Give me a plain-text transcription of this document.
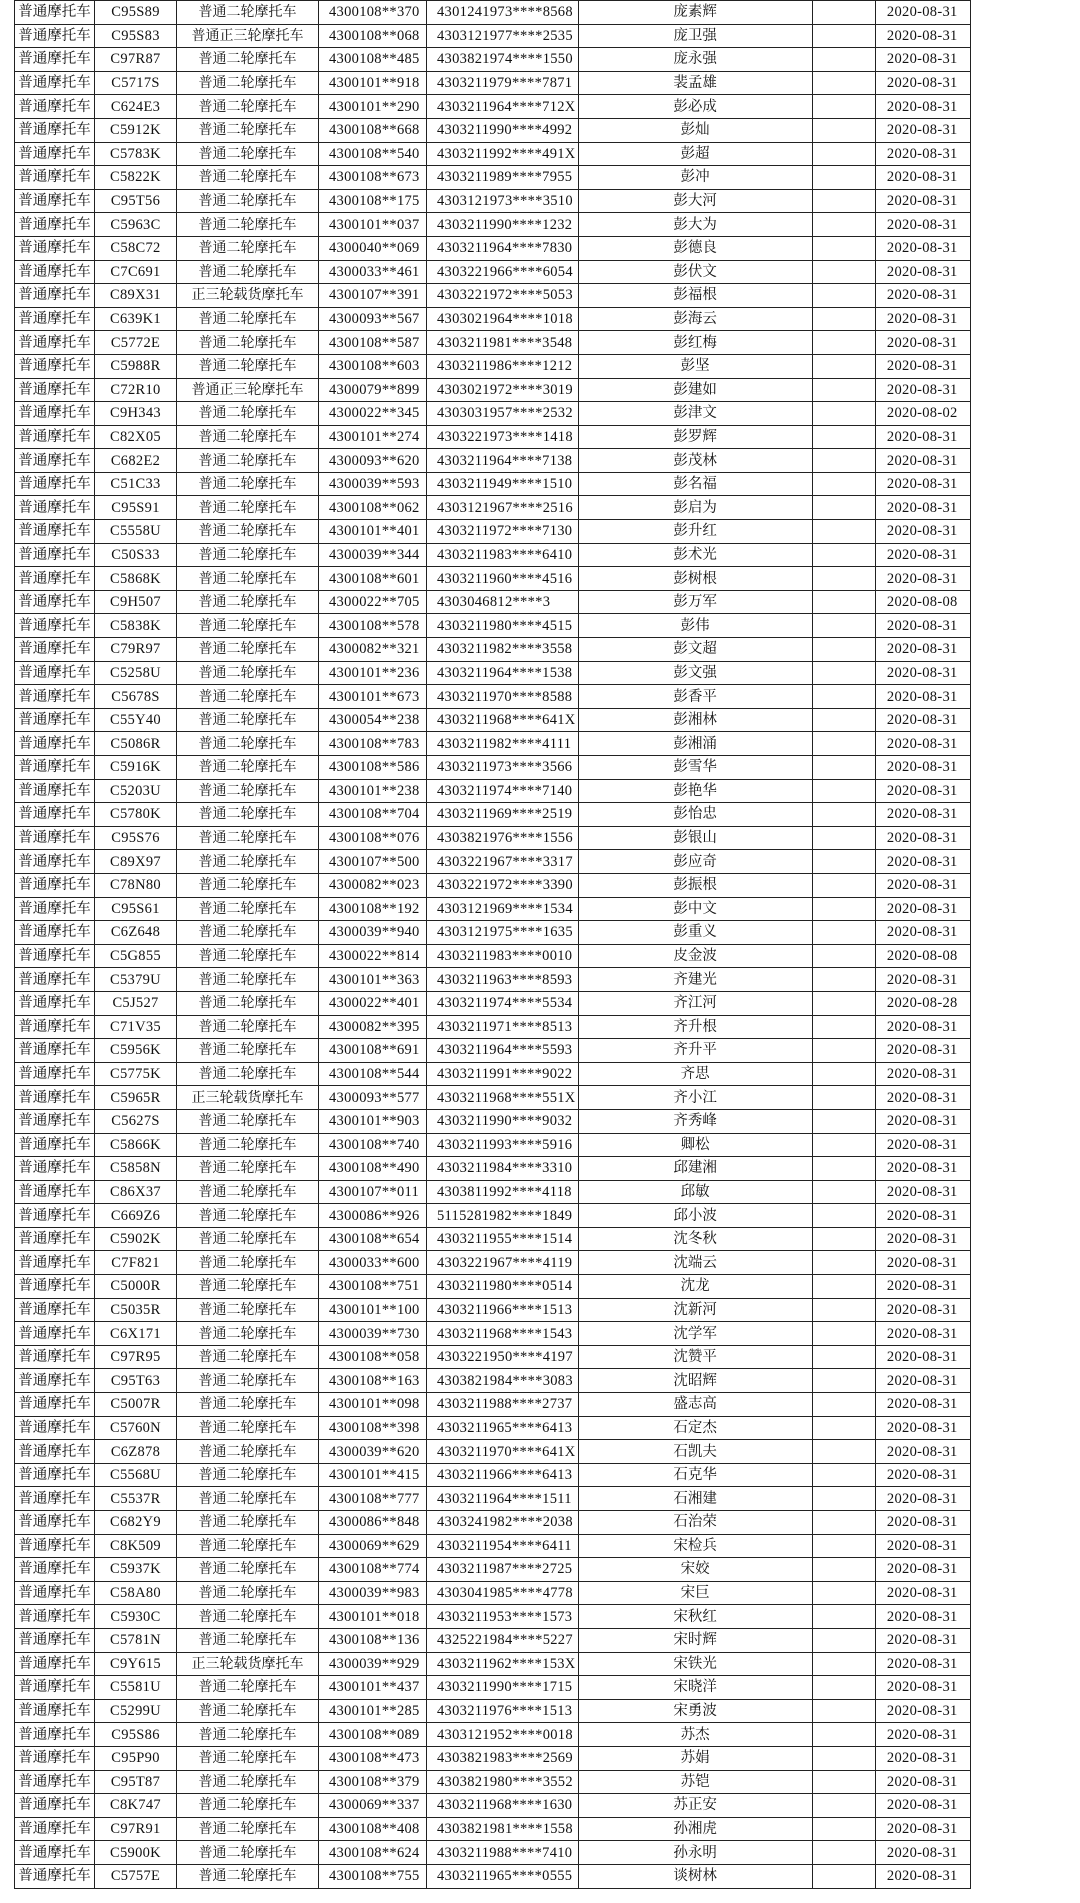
普通摩托车	C95S89	普通二轮摩托车	4300108**370	4301241973****8568	庞素辉		2020-08-31
普通摩托车	C95S83	普通正三轮摩托车	4300108**068	4303121977****2535	庞卫强		2020-08-31
普通摩托车	C97R87	普通二轮摩托车	4300108**485	4303821974****1550	庞永强		2020-08-31
普通摩托车	C5717S	普通二轮摩托车	4300101**918	4303211979****7871	裴孟雄		2020-08-31
普通摩托车	C624E3	普通二轮摩托车	4300101**290	4303211964****712X	彭必成		2020-08-31
普通摩托车	C5912K	普通二轮摩托车	4300108**668	4303211990****4992	彭灿		2020-08-31
普通摩托车	C5783K	普通二轮摩托车	4300108**540	4303211992****491X	彭超		2020-08-31
普通摩托车	C5822K	普通二轮摩托车	4300108**673	4303211989****7955	彭冲		2020-08-31
普通摩托车	C95T56	普通二轮摩托车	4300108**175	4303121973****3510	彭大河		2020-08-31
普通摩托车	C5963C	普通二轮摩托车	4300101**037	4303211990****1232	彭大为		2020-08-31
普通摩托车	C58C72	普通二轮摩托车	4300040**069	4303211964****7830	彭德良		2020-08-31
普通摩托车	C7C691	普通二轮摩托车	4300033**461	4303221966****6054	彭伏文		2020-08-31
普通摩托车	C89X31	正三轮载货摩托车	4300107**391	4303221972****5053	彭福根		2020-08-31
普通摩托车	C639K1	普通二轮摩托车	4300093**567	4303021964****1018	彭海云		2020-08-31
普通摩托车	C5772E	普通二轮摩托车	4300108**587	4303211981****3548	彭红梅		2020-08-31
普通摩托车	C5988R	普通二轮摩托车	4300108**603	4303211986****1212	彭坚		2020-08-31
普通摩托车	C72R10	普通正三轮摩托车	4300079**899	4303021972****3019	彭建如		2020-08-31
普通摩托车	C9H343	普通二轮摩托车	4300022**345	4303031957****2532	彭津文		2020-08-02
普通摩托车	C82X05	普通二轮摩托车	4300101**274	4303221973****1418	彭罗辉		2020-08-31
普通摩托车	C682E2	普通二轮摩托车	4300093**620	4303211964****7138	彭茂林		2020-08-31
普通摩托车	C51C33	普通二轮摩托车	4300039**593	4303211949****1510	彭名福		2020-08-31
普通摩托车	C95S91	普通二轮摩托车	4300108**062	4303121967****2516	彭启为		2020-08-31
普通摩托车	C5558U	普通二轮摩托车	4300101**401	4303211972****7130	彭升红		2020-08-31
普通摩托车	C50S33	普通二轮摩托车	4300039**344	4303211983****6410	彭术光		2020-08-31
普通摩托车	C5868K	普通二轮摩托车	4300108**601	4303211960****4516	彭树根		2020-08-31
普通摩托车	C9H507	普通二轮摩托车	4300022**705	4303046812****3	彭万军		2020-08-08
普通摩托车	C5838K	普通二轮摩托车	4300108**578	4303211980****4515	彭伟		2020-08-31
普通摩托车	C79R97	普通二轮摩托车	4300082**321	4303211982****3558	彭文超		2020-08-31
普通摩托车	C5258U	普通二轮摩托车	4300101**236	4303211964****1538	彭文强		2020-08-31
普通摩托车	C5678S	普通二轮摩托车	4300101**673	4303211970****8588	彭香平		2020-08-31
普通摩托车	C55Y40	普通二轮摩托车	4300054**238	4303211968****641X	彭湘林		2020-08-31
普通摩托车	C5086R	普通二轮摩托车	4300108**783	4303211982****4111	彭湘涌		2020-08-31
普通摩托车	C5916K	普通二轮摩托车	4300108**586	4303211973****3566	彭雪华		2020-08-31
普通摩托车	C5203U	普通二轮摩托车	4300101**238	4303211974****7140	彭艳华		2020-08-31
普通摩托车	C5780K	普通二轮摩托车	4300108**704	4303211969****2519	彭怡忠		2020-08-31
普通摩托车	C95S76	普通二轮摩托车	4300108**076	4303821976****1556	彭银山		2020-08-31
普通摩托车	C89X97	普通二轮摩托车	4300107**500	4303221967****3317	彭应奇		2020-08-31
普通摩托车	C78N80	普通二轮摩托车	4300082**023	4303221972****3390	彭振根		2020-08-31
普通摩托车	C95S61	普通二轮摩托车	4300108**192	4303121969****1534	彭中文		2020-08-31
普通摩托车	C6Z648	普通二轮摩托车	4300039**940	4303121975****1635	彭重义		2020-08-31
普通摩托车	C5G855	普通二轮摩托车	4300022**814	4303211983****0010	皮金波		2020-08-08
普通摩托车	C5379U	普通二轮摩托车	4300101**363	4303211963****8593	齐建光		2020-08-31
普通摩托车	C5J527	普通二轮摩托车	4300022**401	4303211974****5534	齐江河		2020-08-28
普通摩托车	C71V35	普通二轮摩托车	4300082**395	4303211971****8513	齐升根		2020-08-31
普通摩托车	C5956K	普通二轮摩托车	4300108**691	4303211964****5593	齐升平		2020-08-31
普通摩托车	C5775K	普通二轮摩托车	4300108**544	4303211991****9022	齐思		2020-08-31
普通摩托车	C5965R	正三轮载货摩托车	4300093**577	4303211968****551X	齐小江		2020-08-31
普通摩托车	C5627S	普通二轮摩托车	4300101**903	4303211990****9032	齐秀峰		2020-08-31
普通摩托车	C5866K	普通二轮摩托车	4300108**740	4303211993****5916	卿松		2020-08-31
普通摩托车	C5858N	普通二轮摩托车	4300108**490	4303211984****3310	邱建湘		2020-08-31
普通摩托车	C86X37	普通二轮摩托车	4300107**011	4303811992****4118	邱敏		2020-08-31
普通摩托车	C669Z6	普通二轮摩托车	4300086**926	5115281982****1849	邱小波		2020-08-31
普通摩托车	C5902K	普通二轮摩托车	4300108**654	4303211955****1514	沈冬秋		2020-08-31
普通摩托车	C7F821	普通二轮摩托车	4300033**600	4303221967****4119	沈端云		2020-08-31
普通摩托车	C5000R	普通二轮摩托车	4300108**751	4303211980****0514	沈龙		2020-08-31
普通摩托车	C5035R	普通二轮摩托车	4300101**100	4303211966****1513	沈新河		2020-08-31
普通摩托车	C6X171	普通二轮摩托车	4300039**730	4303211968****1543	沈学军		2020-08-31
普通摩托车	C97R95	普通二轮摩托车	4300108**058	4303221950****4197	沈赞平		2020-08-31
普通摩托车	C95T63	普通二轮摩托车	4300108**163	4303821984****3083	沈昭辉		2020-08-31
普通摩托车	C5007R	普通二轮摩托车	4300101**098	4303211988****2737	盛志高		2020-08-31
普通摩托车	C5760N	普通二轮摩托车	4300108**398	4303211965****6413	石定杰		2020-08-31
普通摩托车	C6Z878	普通二轮摩托车	4300039**620	4303211970****641X	石凯夫		2020-08-31
普通摩托车	C5568U	普通二轮摩托车	4300101**415	4303211966****6413	石克华		2020-08-31
普通摩托车	C5537R	普通二轮摩托车	4300108**777	4303211964****1511	石湘建		2020-08-31
普通摩托车	C682Y9	普通二轮摩托车	4300086**848	4303241982****2038	石治荣		2020-08-31
普通摩托车	C8K509	普通二轮摩托车	4300069**629	4303211954****6411	宋检兵		2020-08-31
普通摩托车	C5937K	普通二轮摩托车	4300108**774	4303211987****2725	宋姣		2020-08-31
普通摩托车	C58A80	普通二轮摩托车	4300039**983	4303041985****4778	宋巨		2020-08-31
普通摩托车	C5930C	普通二轮摩托车	4300101**018	4303211953****1573	宋秋红		2020-08-31
普通摩托车	C5781N	普通二轮摩托车	4300108**136	4325221984****5227	宋时辉		2020-08-31
普通摩托车	C9Y615	正三轮载货摩托车	4300039**929	4303211962****153X	宋铁光		2020-08-31
普通摩托车	C5581U	普通二轮摩托车	4300101**437	4303211990****1715	宋晓洋		2020-08-31
普通摩托车	C5299U	普通二轮摩托车	4300101**285	4303211976****1513	宋勇波		2020-08-31
普通摩托车	C95S86	普通二轮摩托车	4300108**089	4303121952****0018	苏杰		2020-08-31
普通摩托车	C95P90	普通二轮摩托车	4300108**473	4303821983****2569	苏娟		2020-08-31
普通摩托车	C95T87	普通二轮摩托车	4300108**379	4303821980****3552	苏铠		2020-08-31
普通摩托车	C8K747	普通二轮摩托车	4300069**337	4303211968****1630	苏正安		2020-08-31
普通摩托车	C97R91	普通二轮摩托车	4300108**408	4303821981****1558	孙湘虎		2020-08-31
普通摩托车	C5900K	普通二轮摩托车	4300108**624	4303211988****7410	孙永明		2020-08-31
普通摩托车	C5757E	普通二轮摩托车	4300108**755	4303211965****0555	谈树林		2020-08-31
